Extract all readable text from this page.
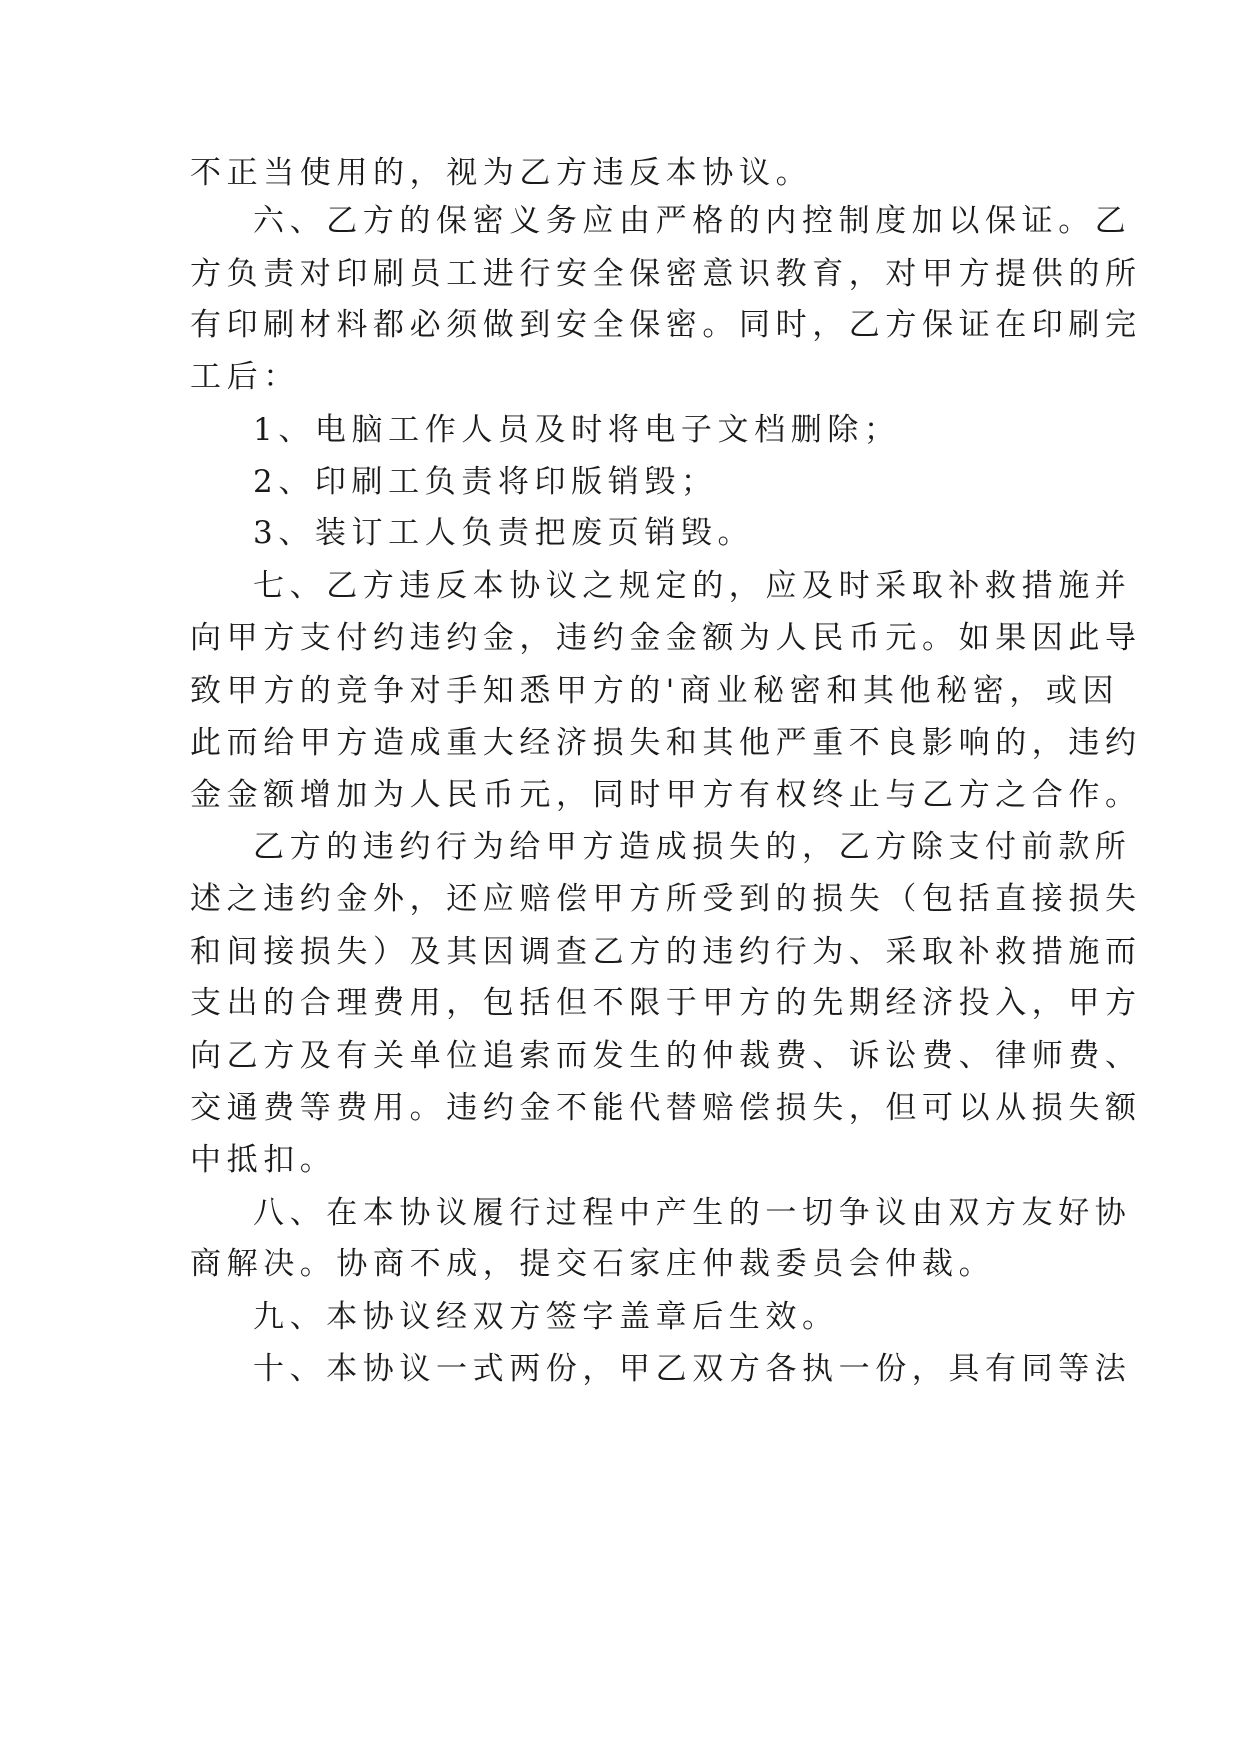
不正当使用的，视为乙方违反本协议。
六、乙方的保密义务应由严格的内控制度加以保证。乙
方负责对印刷员工进行安全保密意识教育，对甲方提供的所
有印刷材料都必须做到安全保密。同时，乙方保证在印刷完
工后：
1、电脑工作人员及时将电子文档删除；
2、印刷工负责将印版销毁；
3、装订工人负责把废页销毁。
七、乙方违反本协议之规定的，应及时采取补救措施并
向甲方支付约违约金，违约金金额为人民币元。如果因此导
致甲方的竞争对手知悉甲方的'商业秘密和其他秘密，或因
此而给甲方造成重大经济损失和其他严重不良影响的，违约
金金额增加为人民币元，同时甲方有权终止与乙方之合作。
乙方的违约行为给甲方造成损失的，乙方除支付前款所
述之违约金外，还应赔偿甲方所受到的损失（包括直接损失
和间接损失）及其因调查乙方的违约行为、采取补救措施而
支出的合理费用，包括但不限于甲方的先期经济投入，甲方
向乙方及有关单位追索而发生的仲裁费、诉讼费、律师费、
交通费等费用。违约金不能代替赔偿损失，但可以从损失额
中抵扣。
八、在本协议履行过程中产生的一切争议由双方友好协
商解决。协商不成，提交石家庄仲裁委员会仲裁。
九、本协议经双方签字盖章后生效。
十、本协议一式两份，甲乙双方各执一份，具有同等法
